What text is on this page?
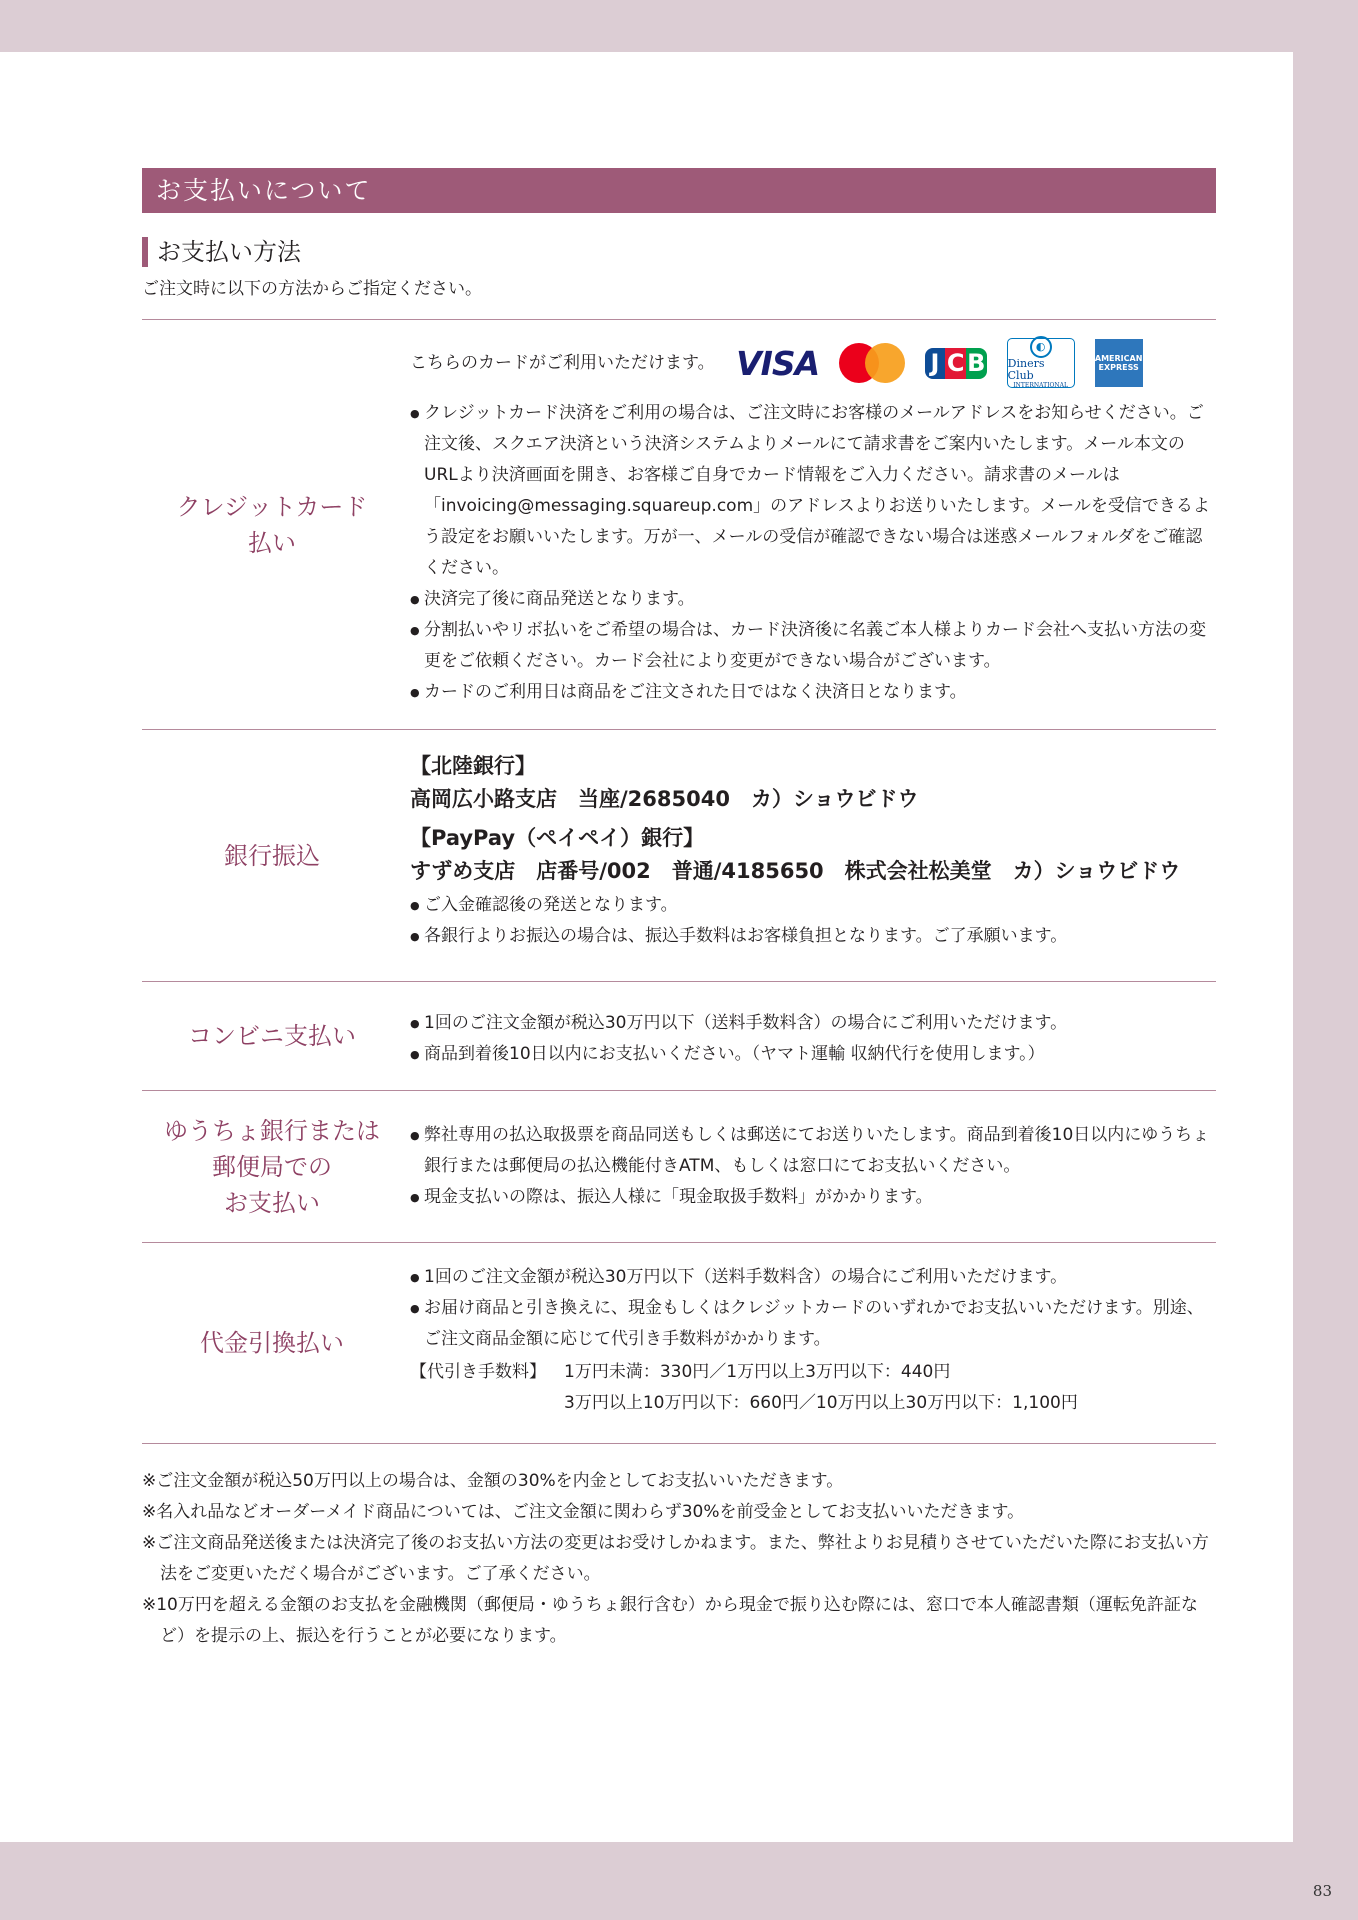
お支払いについて
お支払い方法
ご注文時に以下の方法からご指定ください。
クレジットカード
払い
こちらのカードがご利用いただけます。 VISA	J C B
◐
Diners Club
INTERNATIONAL
AMERICAN EXPRESS
● クレジットカード決済をご利用の場合は、ご注文時にお客様のメールアドレスをお知らせください。ご注文後、スクエア決済という決済システムよりメールにて請求書をご案内いたします。メール本文のURLより決済画面を開き、お客様ご自身でカード情報をご入力ください。請求書のメールは「invoicing@messaging.squareup.com」のアドレスよりお送りいたします。メールを受信できるよう設定をお願いいたします。万が一、メールの受信が確認できない場合は迷惑メールフォルダをご確認ください。
● 決済完了後に商品発送となります。
● 分割払いやリボ払いをご希望の場合は、カード決済後に名義ご本人様よりカード会社へ支払い方法の変更をご依頼ください。カード会社により変更ができない場合がございます。
● カードのご利用日は商品をご注文された日ではなく決済日となります。
銀行振込
【北陸銀行】
高岡広小路支店　当座/2685040　カ）ショウビドウ
【PayPay（ペイペイ）銀行】
すずめ支店　店番号/002　普通/4185650　株式会社松美堂　カ）ショウビドウ
● ご入金確認後の発送となります。
● 各銀行よりお振込の場合は、振込手数料はお客様負担となります。ご了承願います。
コンビニ支払い
●	1回のご注文金額が税込30万円以下（送料手数料含）の場合にご利用いただけます。
● 商品到着後10日以内にお支払いください。（ヤマト運輸 収納代行を使用します。）
ゆうちょ銀行または
郵便局での
お支払い
● 弊社専用の払込取扱票を商品同送もしくは郵送にてお送りいたします。商品到着後10日以内にゆうちょ銀行または郵便局の払込機能付きATM、もしくは窓口にてお支払いください。
● 現金支払いの際は、振込人様に「現金取扱手数料」がかかります。
代金引換払い
● 1回のご注文金額が税込30万円以下（送料手数料含）の場合にご利用いただけます。
● お届け商品と引き換えに、現金もしくはクレジットカードのいずれかでお支払いいただけます。別途、ご注文商品金額に応じて代引き手数料がかかります。
【代引き手数料】	1万円未満：330円／1万円以上3万円以下：440円
3万円以上10万円以下：660円／10万円以上30万円以下：1,100円

※ご注文金額が税込50万円以上の場合は、金額の30%を内金としてお支払いいただきます。

※名入れ品などオーダーメイド商品については、ご注文金額に関わらず30%を前受金としてお支払いいただきます。

※ご注文商品発送後または決済完了後のお支払い方法の変更はお受けしかねます。また、弊社よりお見積りさせていただいた際にお支払い方法をご変更いただく場合がございます。ご了承ください。

※10万円を超える金額のお支払を金融機関（郵便局・ゆうちょ銀行含む）から現金で振り込む際には、窓口で本人確認書類（運転免許証など）を提示の上、振込を行うことが必要になります。

83
